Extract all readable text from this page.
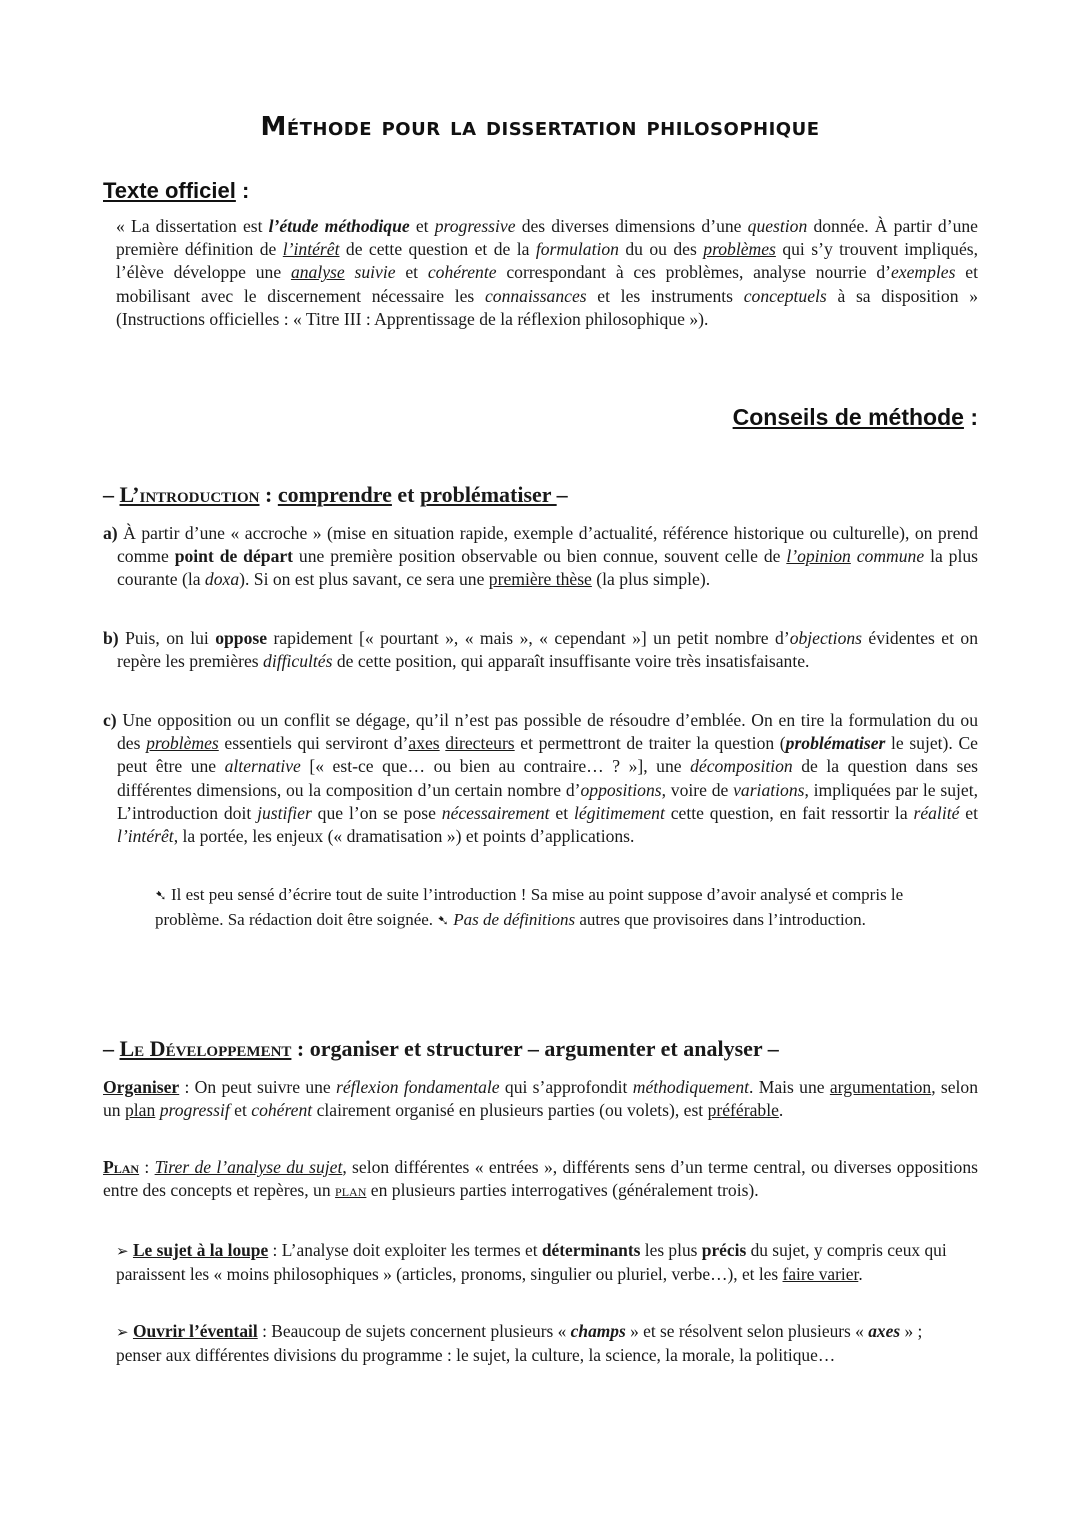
Méthode pour la dissertation philosophique
Texte officiel :

« La dissertation est l’étude méthodique et progressive des diverses dimensions d’une question donnée. À partir d’une première définition de l’intérêt de cette question et de la formulation du ou des problèmes qui s’y trouvent impliqués, l’élève développe une analyse suivie et cohérente correspondant à ces problèmes, analyse nourrie d’exemples et mobilisant avec le discernement nécessaire les connaissances et les instruments conceptuels à sa disposition » (Instructions officielles : « Titre III : Apprentissage de la réflexion philosophique »).

Conseils de méthode :
– L’introduction : comprendre et problématiser –

a) À partir d’une « accroche » (mise en situation rapide, exemple d’actualité, référence historique ou culturelle), on prend comme point de départ une première position observable ou bien connue, souvent celle de l’opinion commune la plus courante (la doxa). Si on est plus savant, ce sera une première thèse (la plus simple).

b) Puis, on lui oppose rapidement [« pourtant », « mais », « cependant »] un petit nombre d’objections évidentes et on repère les premières difficultés de cette position, qui apparaît insuffisante voire très insatisfaisante.

c) Une opposition ou un conflit se dégage, qu’il n’est pas possible de résoudre d’emblée. On en tire la formulation du ou des problèmes essentiels qui serviront d’axes directeurs et permettront de traiter la question (problématiser le sujet). Ce peut être une alternative [« est-ce que… ou bien au contraire… ? »], une décomposition de la question dans ses différentes dimensions, ou la composition d’un certain nombre d’oppositions, voire de variations, impliquées par le sujet, L’introduction doit justifier que l’on se pose nécessairement et légitimement cette question, en fait ressortir la réalité et l’intérêt, la portée, les enjeux (« dramatisation ») et points d’applications.

➷ Il est peu sensé d’écrire tout de suite l’introduction ! Sa mise au point suppose d’avoir analysé et compris le problème. Sa rédaction doit être soignée. ➷ Pas de définitions autres que provisoires dans l’introduction.

– Le Développement : organiser et structurer – argumenter et analyser –

Organiser : On peut suivre une réflexion fondamentale qui s’approfondit méthodiquement. Mais une argumentation, selon un plan progressif et cohérent clairement organisé en plusieurs parties (ou volets), est préférable.

Plan : Tirer de l’analyse du sujet, selon différentes « entrées », différents sens d’un terme central, ou diverses oppositions entre des concepts et repères, un plan en plusieurs parties interrogatives (généralement trois).

➢ Le sujet à la loupe : L’analyse doit exploiter les termes et déterminants les plus précis du sujet, y compris ceux qui paraissent les « moins philosophiques » (articles, pronoms, singulier ou pluriel, verbe…), et les faire varier.

➢ Ouvrir l’éventail : Beaucoup de sujets concernent plusieurs « champs » et se résolvent selon plusieurs « axes » ; penser aux différentes divisions du programme : le sujet, la culture, la science, la morale, la politique…
